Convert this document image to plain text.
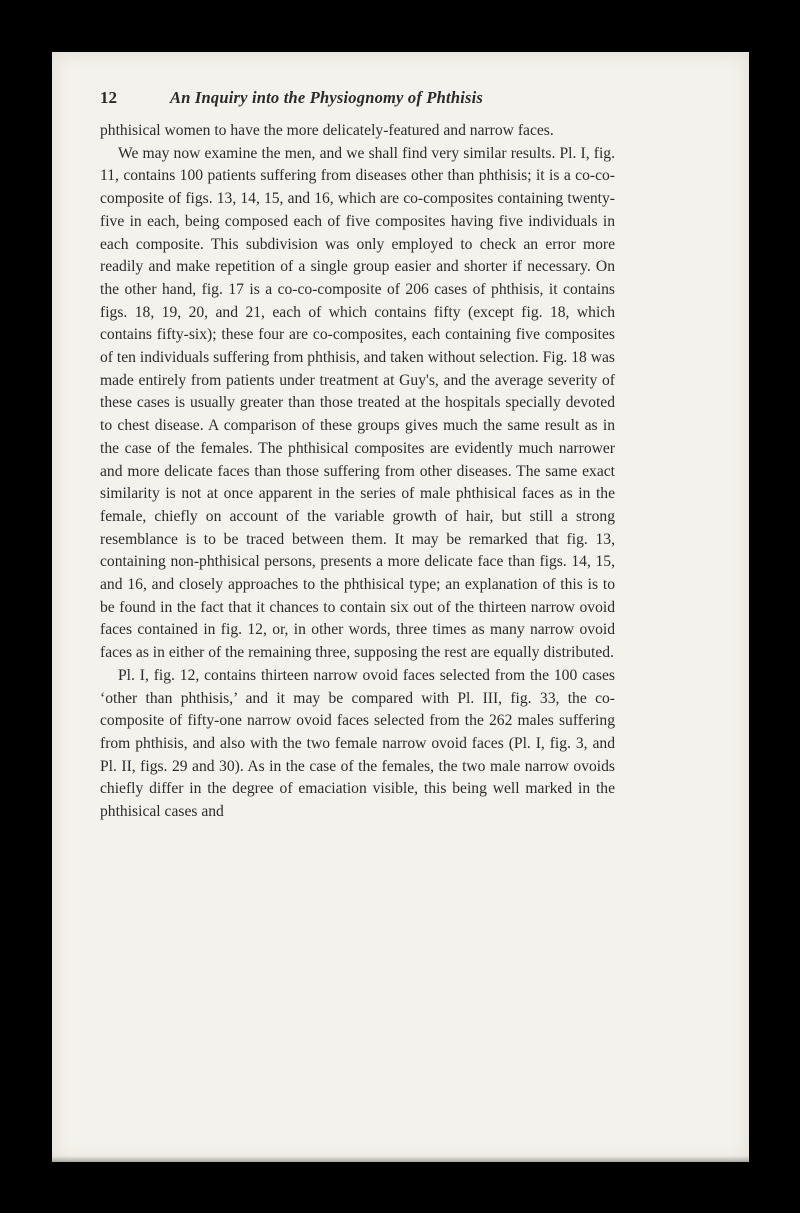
12	An Inquiry into the Physiognomy of Phthisis

phthisical women to have the more delicately-featured and narrow faces.

We may now examine the men, and we shall find very similar results. Pl. I, fig. 11, contains 100 patients suffering from diseases other than phthisis; it is a co-co-composite of figs. 13, 14, 15, and 16, which are co-composites containing twenty-five in each, being composed each of five composites having five individuals in each composite. This subdivision was only employed to check an error more readily and make repetition of a single group easier and shorter if necessary. On the other hand, fig. 17 is a co-co-composite of 206 cases of phthisis, it contains figs. 18, 19, 20, and 21, each of which contains fifty (except fig. 18, which contains fifty-six); these four are co-composites, each containing five composites of ten individuals suffering from phthisis, and taken without selection. Fig. 18 was made entirely from patients under treatment at Guy's, and the average severity of these cases is usually greater than those treated at the hospitals specially devoted to chest disease. A comparison of these groups gives much the same result as in the case of the females. The phthisical composites are evidently much narrower and more delicate faces than those suffering from other diseases. The same exact similarity is not at once apparent in the series of male phthisical faces as in the female, chiefly on account of the variable growth of hair, but still a strong resemblance is to be traced between them. It may be remarked that fig. 13, containing non-phthisical persons, presents a more delicate face than figs. 14, 15, and 16, and closely approaches to the phthisical type; an explanation of this is to be found in the fact that it chances to contain six out of the thirteen narrow ovoid faces contained in fig. 12, or, in other words, three times as many narrow ovoid faces as in either of the remaining three, supposing the rest are equally distributed.

Pl. I, fig. 12, contains thirteen narrow ovoid faces selected from the 100 cases ‘other than phthisis,’ and it may be compared with Pl. III, fig. 33, the co-composite of fifty-one narrow ovoid faces selected from the 262 males suffering from phthisis, and also with the two female narrow ovoid faces (Pl. I, fig. 3, and Pl. II, figs. 29 and 30). As in the case of the females, the two male narrow ovoids chiefly differ in the degree of emaciation visible, this being well marked in the phthisical cases and
